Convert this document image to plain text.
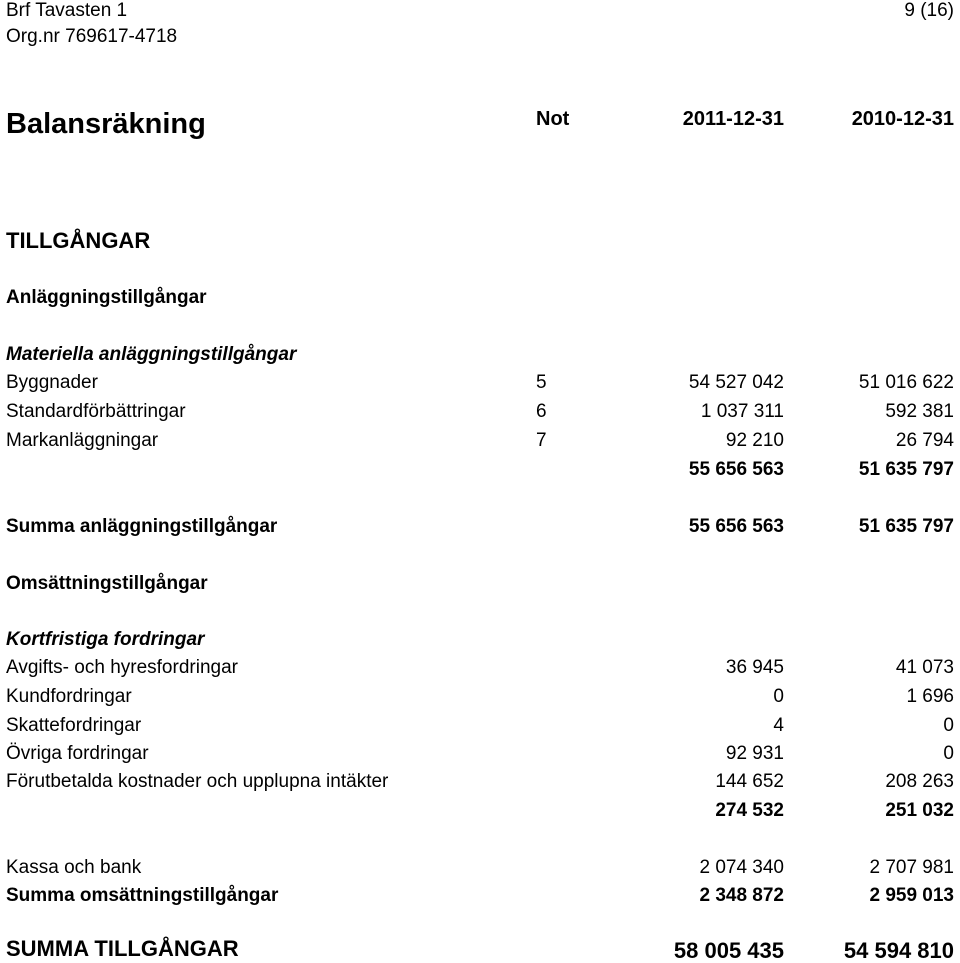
Brf Tavasten 1
Org.nr 769617-4718
9 (16)
Balansräkning	Not	2011-12-31	2010-12-31
TILLGÅNGAR
Anläggningstillgångar
Materiella anläggningstillgångar
Byggnader	5	54 527 042	51 016 622
Standardförbättringar	6	1 037 311	592 381
Markanläggningar	7	92 210	26 794
55 656 563	51 635 797
Summa anläggningstillgångar	55 656 563	51 635 797
Omsättningstillgångar
Kortfristiga fordringar
Avgifts- och hyresfordringar	36 945	41 073
Kundfordringar	0	1 696
Skattefordringar	4	0
Övriga fordringar	92 931	0
Förutbetalda kostnader och upplupna intäkter	144 652	208 263
274 532	251 032
Kassa och bank	2 074 340	2 707 981
Summa omsättningstillgångar	2 348 872	2 959 013
SUMMA TILLGÅNGAR	58 005 435	54 594 810
